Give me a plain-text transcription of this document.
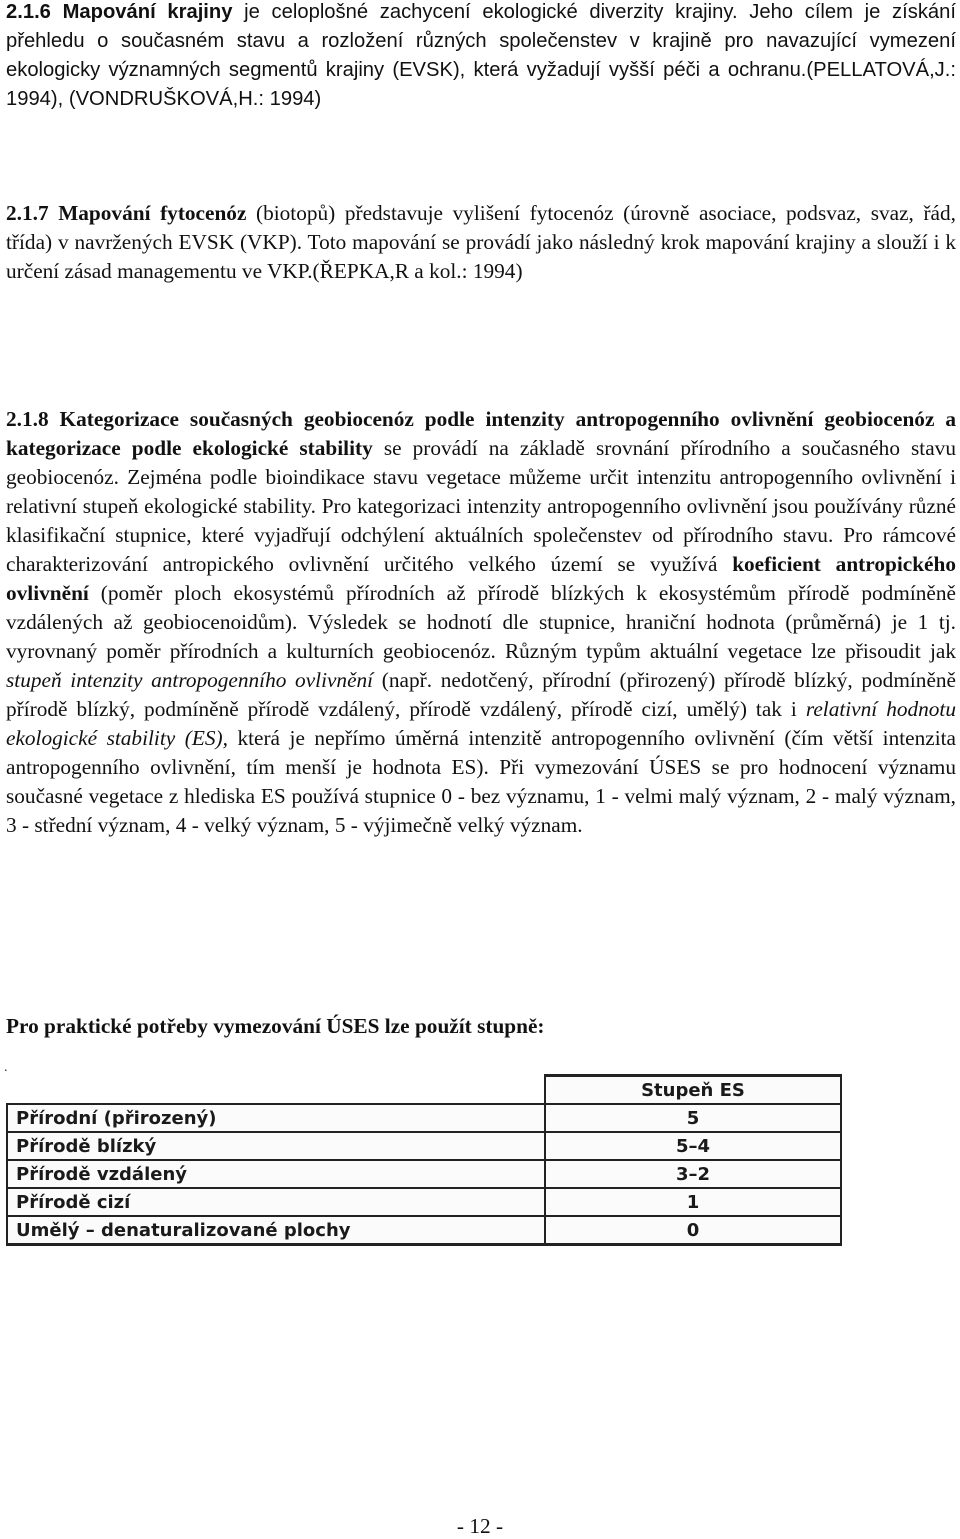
2.1.6 Mapování krajiny je celoplošné zachycení ekologické diverzity krajiny. Jeho cílem je získání přehledu o současném stavu a rozložení různých společenstev v krajině pro navazující vymezení ekologicky významných segmentů krajiny (EVSK), která vyžadují vyšší péči a ochranu.(PELLATOVÁ,J.: 1994), (VONDRUŠKOVÁ,H.: 1994)

2.1.7 Mapování fytocenóz (biotopů) představuje vylišení fytocenóz (úrovně asociace, podsvaz, svaz, řád, třída) v navržených EVSK (VKP). Toto mapování se provádí jako následný krok mapování krajiny a slouží i k určení zásad managementu ve VKP.(ŘEPKA,R a kol.: 1994)

2.1.8 Kategorizace současných geobiocenóz podle intenzity antropogenního ovlivnění geobiocenóz a kategorizace podle ekologické stability se provádí na základě srovnání přírodního a současného stavu geobiocenóz. Zejména podle bioindikace stavu vegetace můžeme určit intenzitu antropogenního ovlivnění i relativní stupeň ekologické stability. Pro kategorizaci intenzity antropogenního ovlivnění jsou používány různé klasifikační stupnice, které vyjadřují odchýlení aktuálních společenstev od přírodního stavu. Pro rámcové charakterizování antropického ovlivnění určitého velkého území se využívá koeficient antropického ovlivnění (poměr ploch ekosystémů přírodních až přírodě blízkých k ekosystémům přírodě podmíněně vzdálených až geobiocenoidům). Výsledek se hodnotí dle stupnice, hraniční hodnota (průměrná) je 1 tj. vyrovnaný poměr přírodních a kulturních geobiocenóz. Různým typům aktuální vegetace lze přisoudit jak stupeň intenzity antropogenního ovlivnění (např. nedotčený, přírodní (přirozený) přírodě blízký, podmíněně přírodě blízký, podmíněně přírodě vzdálený, přírodě vzdálený, přírodě cizí, umělý) tak i relativní hodnotu ekologické stability (ES), která je nepřímo úměrná intenzitě antropogenního ovlivnění (čím větší intenzita antropogenního ovlivnění, tím menší je hodnota ES). Při vymezování ÚSES se pro hodnocení významu současné vegetace z hlediska ES používá stupnice 0 - bez významu, 1 - velmi malý význam, 2 - malý význam, 3 - střední význam, 4 - velký význam, 5 - výjimečně velký význam.

Pro praktické potřeby vymezování ÚSES lze použít stupně:

.
	Stupeň ES
Přírodní (přirozený)	5
Přírodě blízký	5–4
Přírodě vzdálený	3–2
Přírodě cizí	1
Umělý – denaturalizované plochy	0
- 12 -
